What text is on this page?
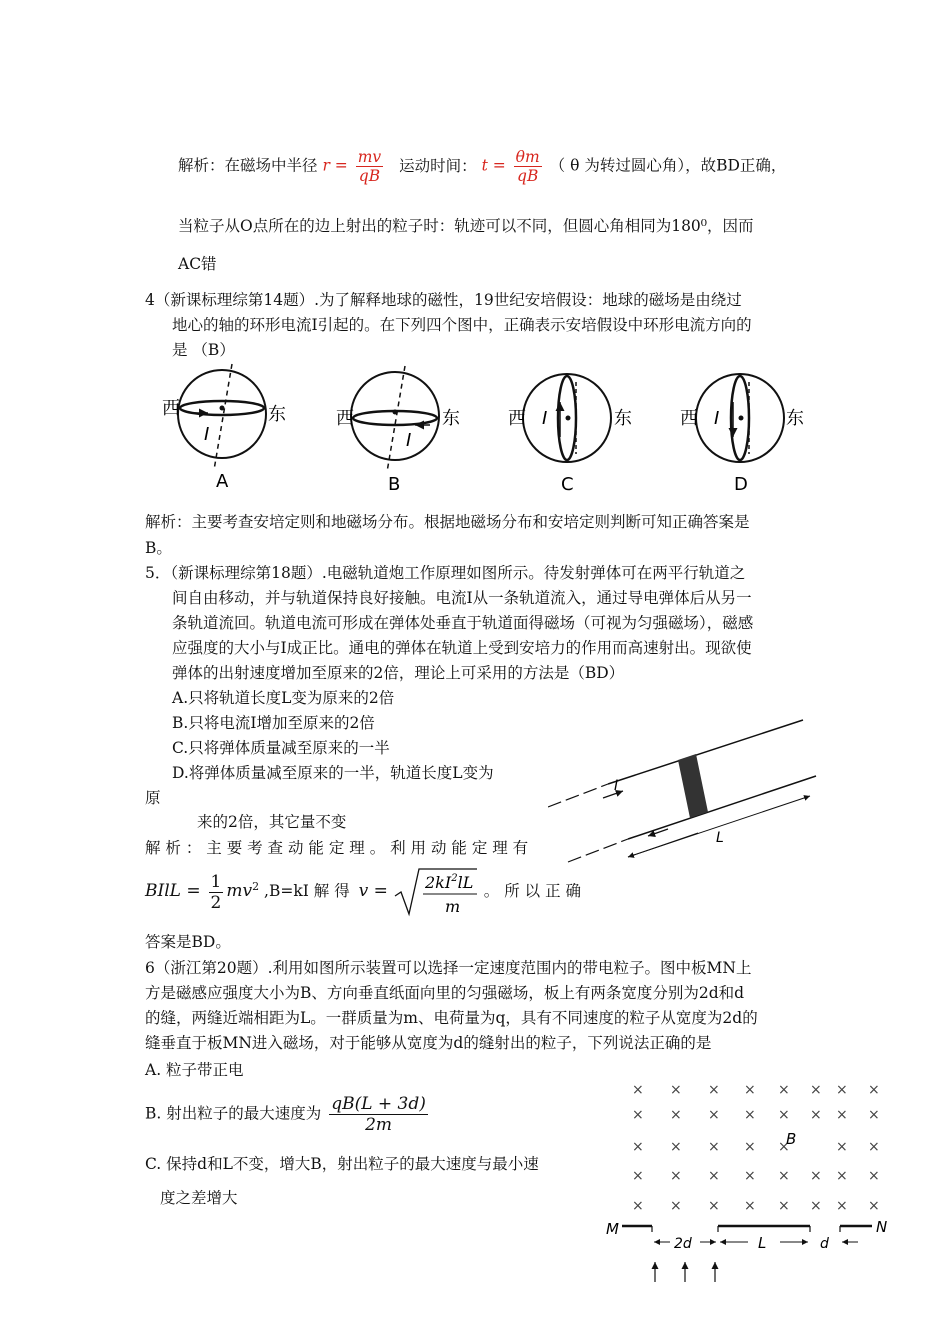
解析：在磁场中半径 $r = \frac{mv}{qB}$ 运动时间： $t = \frac{\theta m}{qB}$ （ θ 为转过圆心角），故BD正确，
当粒子从O点所在的边上射出的粒子时：轨迹可以不同，但圆心角相同为180⁰，因而
AC错
4（新课标理综第14题）.为了解释地球的磁性，19世纪安培假设：地球的磁场是由绕过
地心的轴的环形电流I引起的。在下列四个图中，正确表示安培假设中环形电流方向的
是 （B）
西	东
I
A
西	东
I
B
西	东
I
C
西	东
I
D
解析：主要考查安培定则和地磁场分布。根据地磁场分布和安培定则判断可知正确答案是
B。
5．（新课标理综第18题）.电磁轨道炮工作原理如图所示。待发射弹体可在两平行轨道之
间自由移动，并与轨道保持良好接触。电流I从一条轨道流入，通过导电弹体后从另一
条轨道流回。轨道电流可形成在弹体处垂直于轨道面得磁场（可视为匀强磁场），磁感
应强度的大小与I成正比。通电的弹体在轨道上受到安培力的作用而高速射出。现欲使
弹体的出射速度增加至原来的2倍，理论上可采用的方法是（BD）
A.只将轨道长度L变为原来的2倍
B.只将电流I增加至原来的2倍
C.只将弹体质量减至原来的一半
D.将弹体质量减至原来的一半，轨道长度L变为
原
来的2倍，其它量不变
解 析 ： 主 要 考 查 动 能 定 理 。 利 用 动 能 定 理 有
BIlL = $\frac{1}{2} mv^2$ ,B=kI 解 得 $v = 2kI^2lL$
m
。 所 以 正 确
答案是BD。
I
L
6（浙江第20题）.利用如图所示装置可以选择一定速度范围内的带电粒子。图中板MN上
方是磁感应强度大小为B、方向垂直纸面向里的匀强磁场，板上有两条宽度分别为2d和d
的缝，两缝近端相距为L。一群质量为m、电荷量为q，具有不同速度的粒子从宽度为2d的
缝垂直于板MN进入磁场，对于能够从宽度为d的缝射出的粒子，下列说法正确的是
A. 粒子带正电
B. 射出粒子的最大速度为 $\frac{qB(L + 3d)}{2m}$
C. 保持d和L不变，增大B，射出粒子的最大速度与最小速
度之差增大
× × × × × × × ×
× × × × × × × ×
× × × × ×	× ×
× × × × × × × ×
× × × × × × × ×
B
M	N
2d	L	d
